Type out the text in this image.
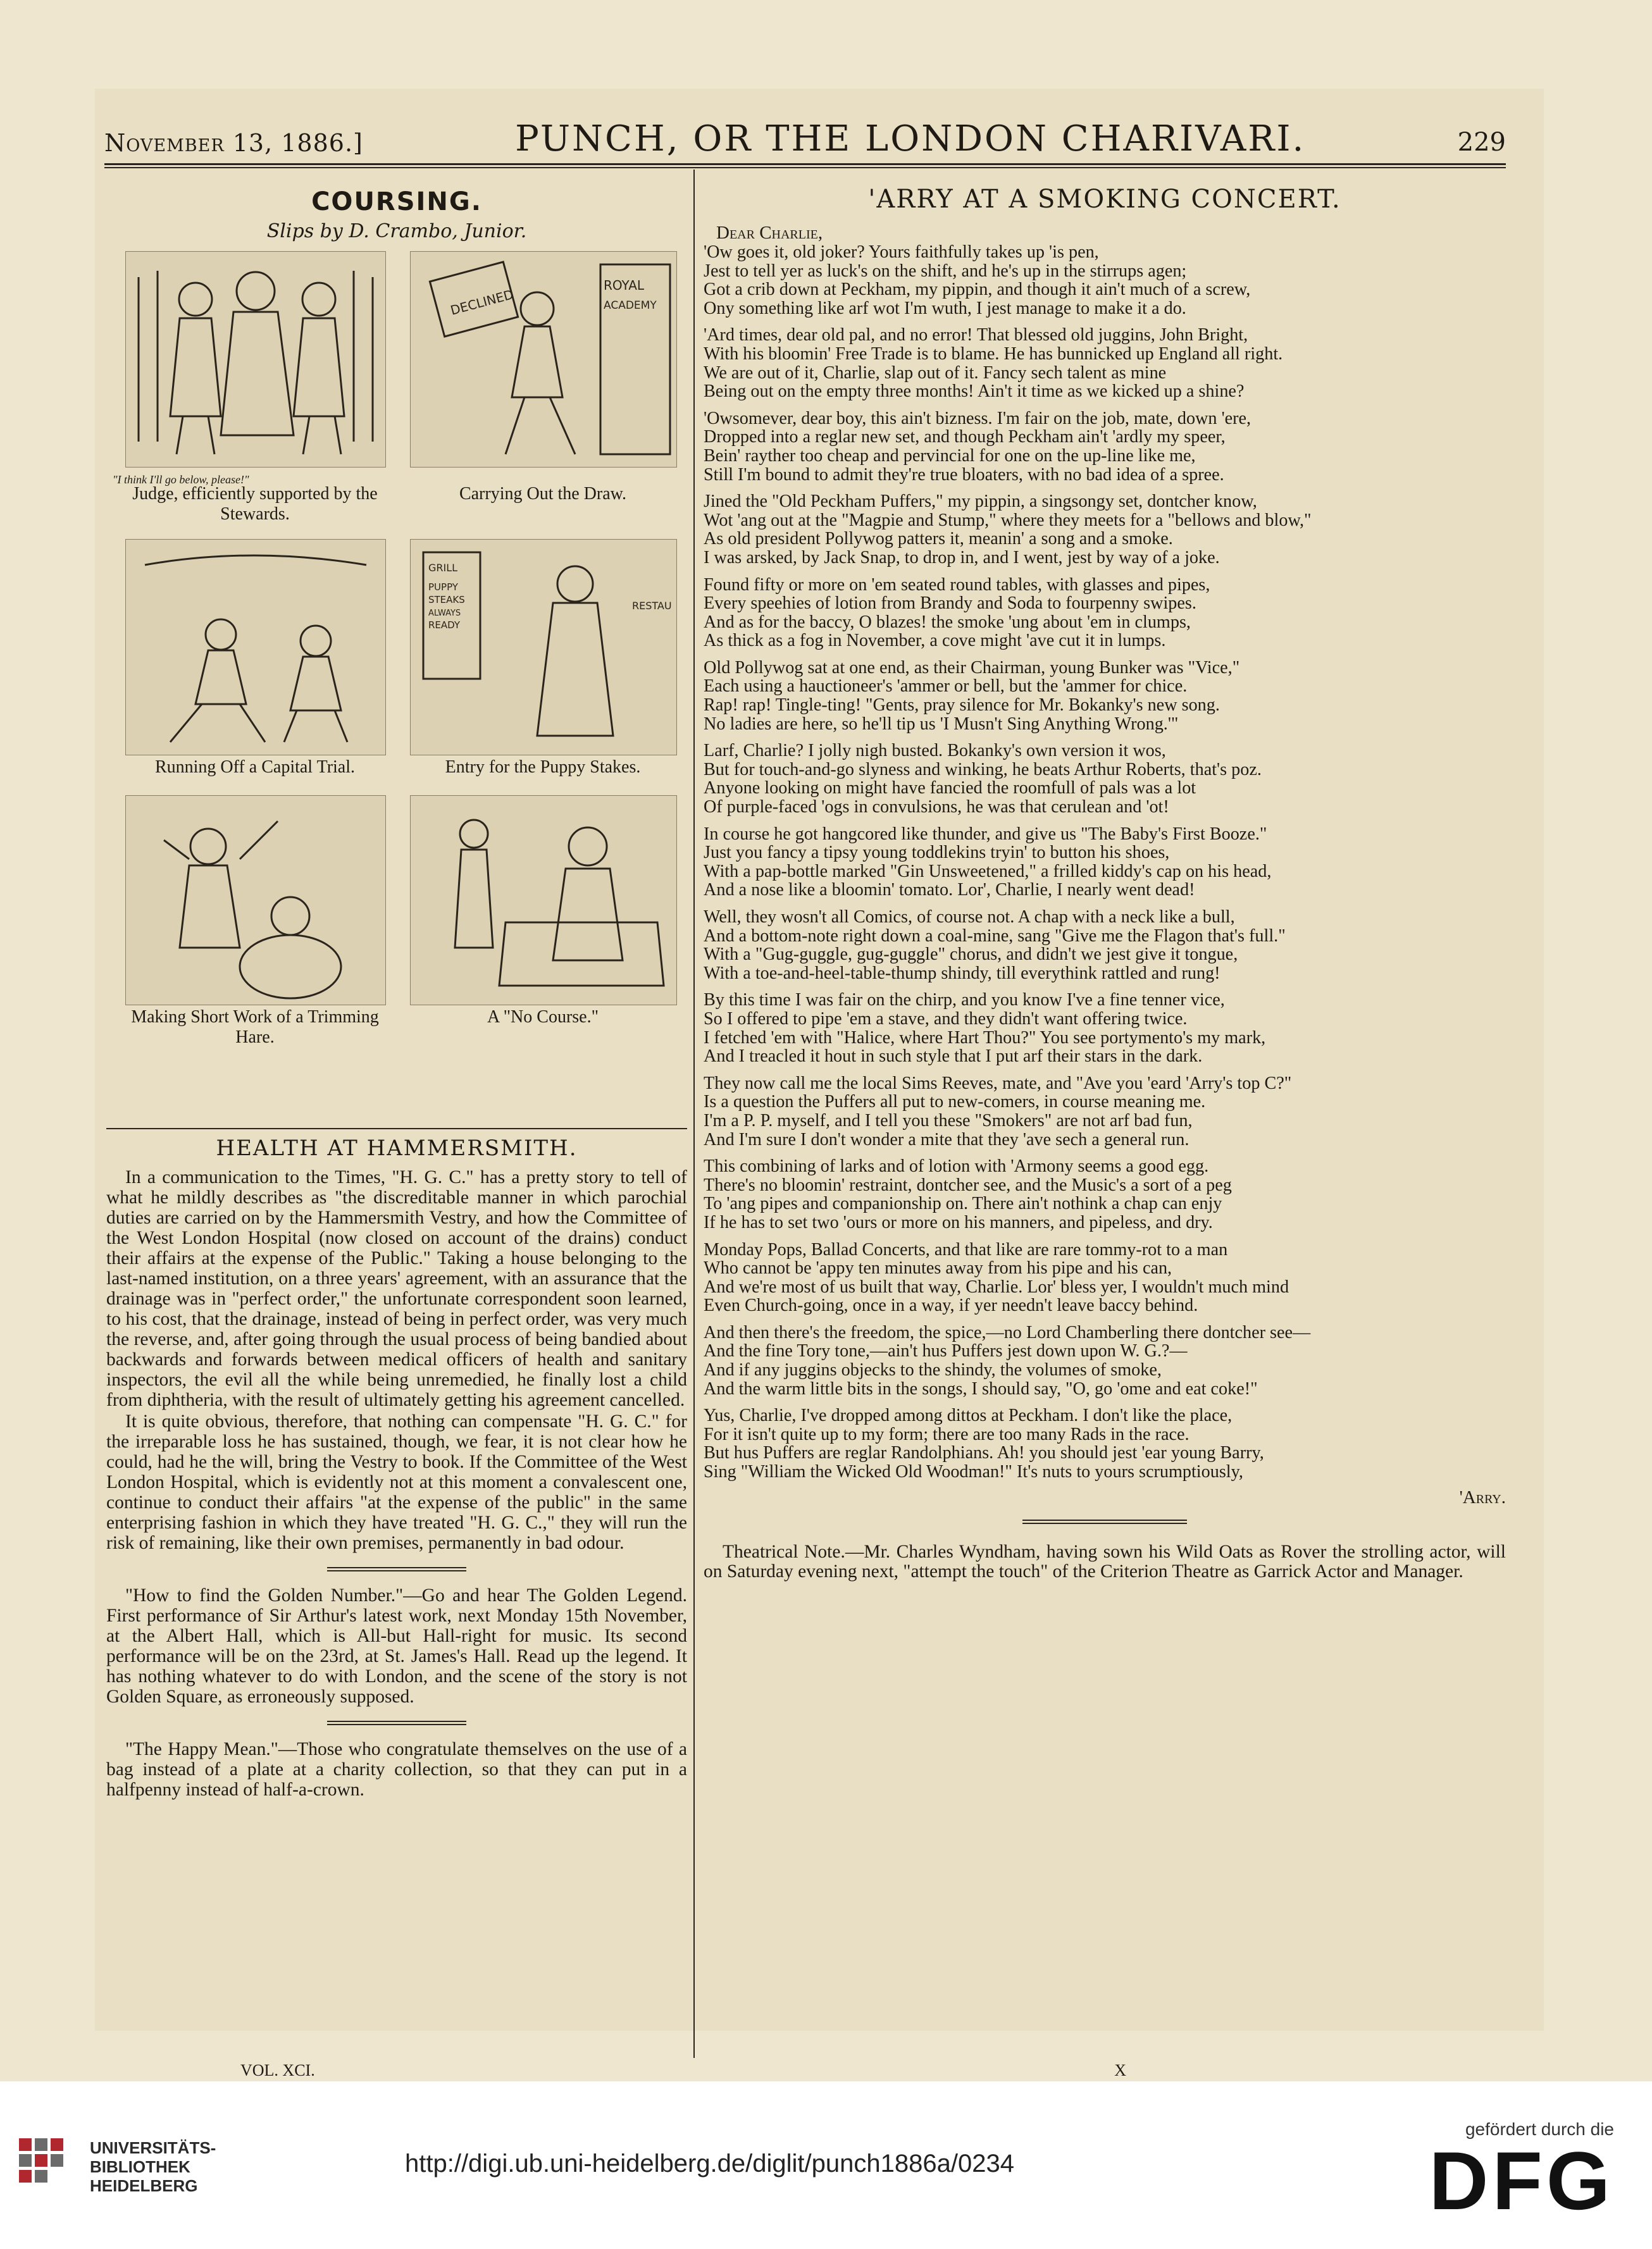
November 13, 1886.]	PUNCH, OR THE LONDON CHARIVARI.	229
COURSING.
Slips by D. Crambo, Junior.
"I think I'll go below, please!"
Judge, efficiently supported by the Stewards.
ROYAL
ACADEMY
DECLINED
Carrying Out the Draw.
Running Off a Capital Trial.
GRILL
PUPPY
STEAKS
ALWAYS
READY
RESTAU
Entry for the Puppy Stakes.
Making Short Work of a Trimming Hare.
A "No Course."
HEALTH AT HAMMERSMITH.

In a communication to the Times, "H. G. C." has a pretty story to tell of what he mildly describes as "the discreditable manner in which parochial duties are carried on by the Hammersmith Vestry, and how the Committee of the West London Hospital (now closed on account of the drains) conduct their affairs at the expense of the Public." Taking a house belonging to the last-named institution, on a three years' agreement, with an assurance that the drainage was in "perfect order," the unfortunate correspondent soon learned, to his cost, that the drainage, instead of being in perfect order, was very much the reverse, and, after going through the usual process of being bandied about backwards and forwards between medical officers of health and sanitary inspectors, the evil all the while being unremedied, he finally lost a child from diphtheria, with the result of ultimately getting his agreement cancelled.

It is quite obvious, therefore, that nothing can compensate "H. G. C." for the irreparable loss he has sustained, though, we fear, it is not clear how he could, had he the will, bring the Vestry to book. If the Committee of the West London Hospital, which is evidently not at this moment a convalescent one, continue to conduct their affairs "at the expense of the public" in the same enterprising fashion in which they have treated "H. G. C.," they will run the risk of remaining, like their own premises, permanently in bad odour.

"How to find the Golden Number."—Go and hear The Golden Legend. First performance of Sir Arthur's latest work, next Monday 15th November, at the Albert Hall, which is All-but Hall-right for music. Its second performance will be on the 23rd, at St. James's Hall. Read up the legend. It has nothing whatever to do with London, and the scene of the story is not Golden Square, as erroneously supposed.

"The Happy Mean."—Those who congratulate themselves on the use of a bag instead of a plate at a charity collection, so that they can put in a halfpenny instead of half-a-crown.

'ARRY AT A SMOKING CONCERT.
Dear Charlie,
'Ow goes it, old joker? Yours faithfully takes up 'is pen,
Jest to tell yer as luck's on the shift, and he's up in the stirrups agen;
Got a crib down at Peckham, my pippin, and though it ain't much of a screw,
Ony something like arf wot I'm wuth, I jest manage to make it a do.
'Ard times, dear old pal, and no error! That blessed old juggins, John Bright,
With his bloomin' Free Trade is to blame. He has bunnicked up England all right.
We are out of it, Charlie, slap out of it. Fancy sech talent as mine
Being out on the empty three months! Ain't it time as we kicked up a shine?
'Owsomever, dear boy, this ain't bizness. I'm fair on the job, mate, down 'ere,
Dropped into a reglar new set, and though Peckham ain't 'ardly my speer,
Bein' rayther too cheap and pervincial for one on the up-line like me,
Still I'm bound to admit they're true bloaters, with no bad idea of a spree.
Jined the "Old Peckham Puffers," my pippin, a singsongy set, dontcher know,
Wot 'ang out at the "Magpie and Stump," where they meets for a "bellows and blow,"
As old president Pollywog patters it, meanin' a song and a smoke.
I was arsked, by Jack Snap, to drop in, and I went, jest by way of a joke.
Found fifty or more on 'em seated round tables, with glasses and pipes,
Every speehies of lotion from Brandy and Soda to fourpenny swipes.
And as for the baccy, O blazes! the smoke 'ung about 'em in clumps,
As thick as a fog in November, a cove might 'ave cut it in lumps.
Old Pollywog sat at one end, as their Chairman, young Bunker was "Vice,"
Each using a hauctioneer's 'ammer or bell, but the 'ammer for chice.
Rap! rap! Tingle-ting! "Gents, pray silence for Mr. Bokanky's new song.
No ladies are here, so he'll tip us 'I Musn't Sing Anything Wrong.'"
Larf, Charlie? I jolly nigh busted. Bokanky's own version it wos,
But for touch-and-go slyness and winking, he beats Arthur Roberts, that's poz.
Anyone looking on might have fancied the roomfull of pals was a lot
Of purple-faced 'ogs in convulsions, he was that cerulean and 'ot!
In course he got hangcored like thunder, and give us "The Baby's First Booze."
Just you fancy a tipsy young toddlekins tryin' to button his shoes,
With a pap-bottle marked "Gin Unsweetened," a frilled kiddy's cap on his head,
And a nose like a bloomin' tomato. Lor', Charlie, I nearly went dead!
Well, they wosn't all Comics, of course not. A chap with a neck like a bull,
And a bottom-note right down a coal-mine, sang "Give me the Flagon that's full."
With a "Gug-guggle, gug-guggle" chorus, and didn't we jest give it tongue,
With a toe-and-heel-table-thump shindy, till everythink rattled and rung!
By this time I was fair on the chirp, and you know I've a fine tenner vice,
So I offered to pipe 'em a stave, and they didn't want offering twice.
I fetched 'em with "Halice, where Hart Thou?" You see portymento's my mark,
And I treacled it hout in such style that I put arf their stars in the dark.
They now call me the local Sims Reeves, mate, and "Ave you 'eard 'Arry's top C?"
Is a question the Puffers all put to new-comers, in course meaning me.
I'm a P. P. myself, and I tell you these "Smokers" are not arf bad fun,
And I'm sure I don't wonder a mite that they 'ave sech a general run.
This combining of larks and of lotion with 'Armony seems a good egg.
There's no bloomin' restraint, dontcher see, and the Music's a sort of a peg
To 'ang pipes and companionship on. There ain't nothink a chap can enjy
If he has to set two 'ours or more on his manners, and pipeless, and dry.
Monday Pops, Ballad Concerts, and that like are rare tommy-rot to a man
Who cannot be 'appy ten minutes away from his pipe and his can,
And we're most of us built that way, Charlie. Lor' bless yer, I wouldn't much mind
Even Church-going, once in a way, if yer needn't leave baccy behind.
And then there's the freedom, the spice,—no Lord Chamberling there dontcher see—
And the fine Tory tone,—ain't hus Puffers jest down upon W. G.?—
And if any juggins objecks to the shindy, the volumes of smoke,
And the warm little bits in the songs, I should say, "O, go 'ome and eat coke!"
Yus, Charlie, I've dropped among dittos at Peckham. I don't like the place,
For it isn't quite up to my form; there are too many Rads in the race.
But hus Puffers are reglar Randolphians. Ah! you should jest 'ear young Barry,
Sing "William the Wicked Old Woodman!" It's nuts to yours scrumptiously,
'Arry.

Theatrical Note.—Mr. Charles Wyndham, having sown his Wild Oats as Rover the strolling actor, will on Saturday evening next, "attempt the touch" of the Criterion Theatre as Garrick Actor and Manager.

VOL. XCI.	X
UNIVERSITÄTS-
BIBLIOTHEK
HEIDELBERG
http://digi.ub.uni-heidelberg.de/diglit/punch1886a/0234
gefördert durch die
DFG
